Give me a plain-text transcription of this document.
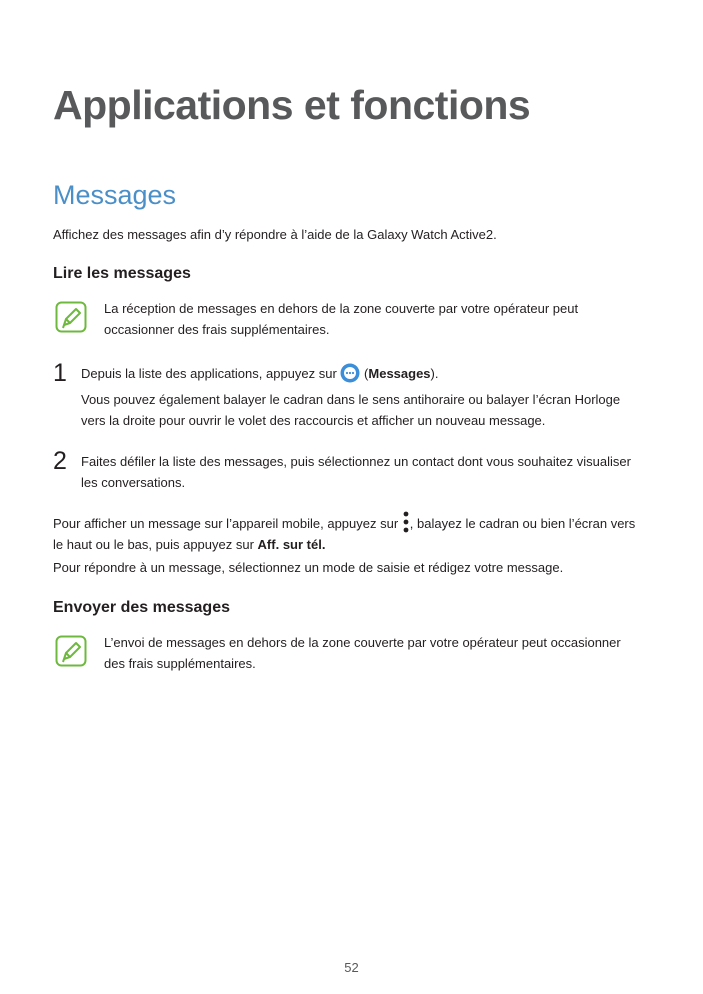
Applications et fonctions
Messages

Affichez des messages afin d’y répondre à l’aide de la Galaxy Watch Active2.

Lire les messages

La réception de messages en dehors de la zone couverte par votre opérateur peut occasionner des frais supplémentaires.

1 Depuis la liste des applications, appuyez sur  (Messages).

Vous pouvez également balayer le cadran dans le sens antihoraire ou balayer l’écran Horloge vers la droite pour ouvrir le volet des raccourcis et afficher un nouveau message.

2 Faites défiler la liste des messages, puis sélectionnez un contact dont vous souhaitez visualiser les conversations.

Pour afficher un message sur l’appareil mobile, appuyez sur , balayez le cadran ou bien l’écran vers le haut ou le bas, puis appuyez sur Aff. sur tél.

Pour répondre à un message, sélectionnez un mode de saisie et rédigez votre message.

Envoyer des messages

L’envoi de messages en dehors de la zone couverte par votre opérateur peut occasionner des frais supplémentaires.

52
